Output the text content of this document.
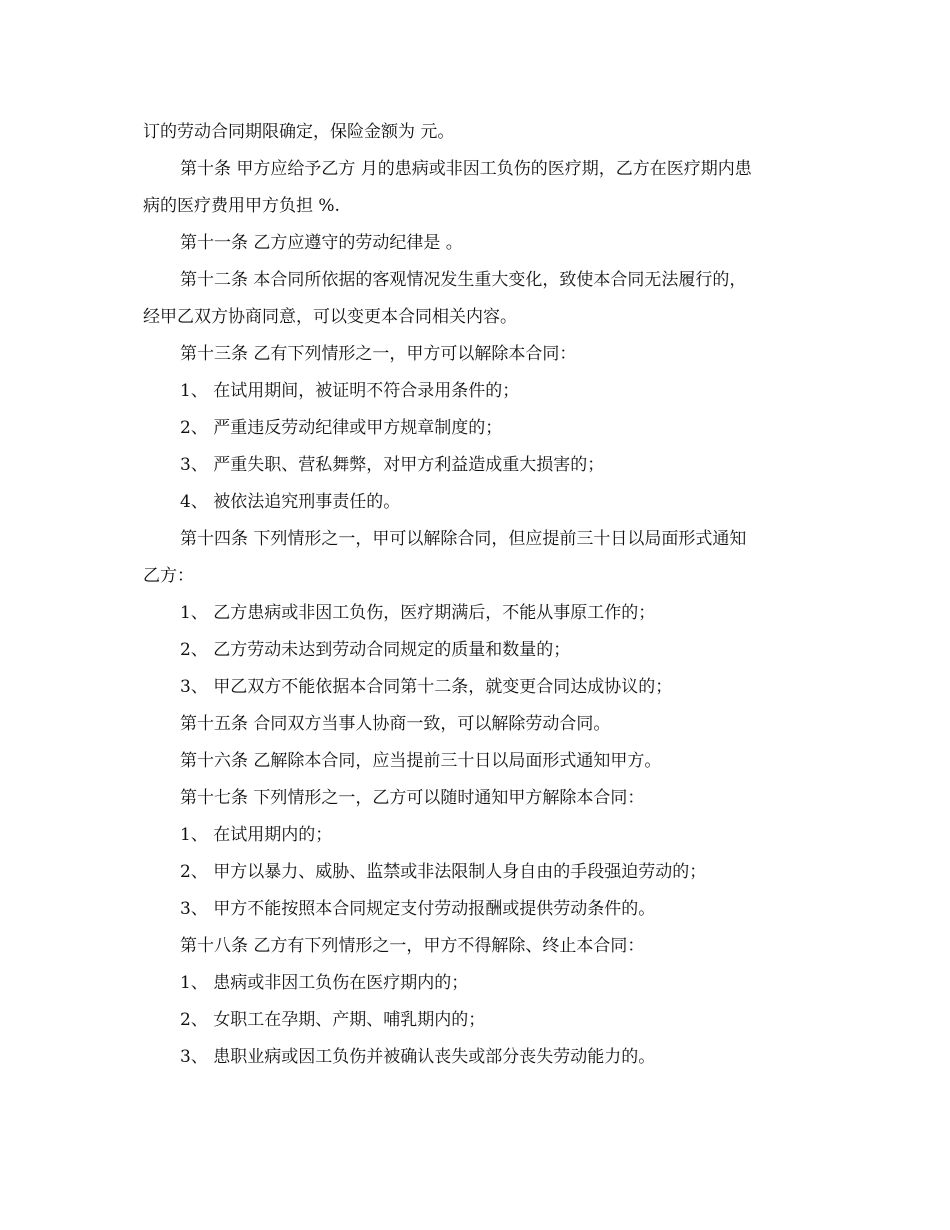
订的劳动合同期限确定，保险金额为 元。

第十条 甲方应给予乙方 月的患病或非因工负伤的医疗期，乙方在医疗期内患

病的医疗费用甲方负担 %.

第十一条 乙方应遵守的劳动纪律是 。

第十二条 本合同所依据的客观情况发生重大变化，致使本合同无法履行的，

经甲乙双方协商同意，可以变更本合同相关内容。

第十三条 乙有下列情形之一，甲方可以解除本合同：

1、 在试用期间，被证明不符合录用条件的；

2、 严重违反劳动纪律或甲方规章制度的；

3、 严重失职、营私舞弊，对甲方利益造成重大损害的；

4、 被依法追究刑事责任的。

第十四条 下列情形之一，甲可以解除合同，但应提前三十日以局面形式通知

乙方：

1、 乙方患病或非因工负伤，医疗期满后，不能从事原工作的；

2、 乙方劳动未达到劳动合同规定的质量和数量的；

3、 甲乙双方不能依据本合同第十二条，就变更合同达成协议的；

第十五条 合同双方当事人协商一致，可以解除劳动合同。

第十六条 乙解除本合同，应当提前三十日以局面形式通知甲方。

第十七条 下列情形之一，乙方可以随时通知甲方解除本合同：

1、 在试用期内的；

2、 甲方以暴力、威胁、监禁或非法限制人身自由的手段强迫劳动的；

3、 甲方不能按照本合同规定支付劳动报酬或提供劳动条件的。

第十八条 乙方有下列情形之一，甲方不得解除、终止本合同：

1、 患病或非因工负伤在医疗期内的；

2、 女职工在孕期、产期、哺乳期内的；

3、 患职业病或因工负伤并被确认丧失或部分丧失劳动能力的。
